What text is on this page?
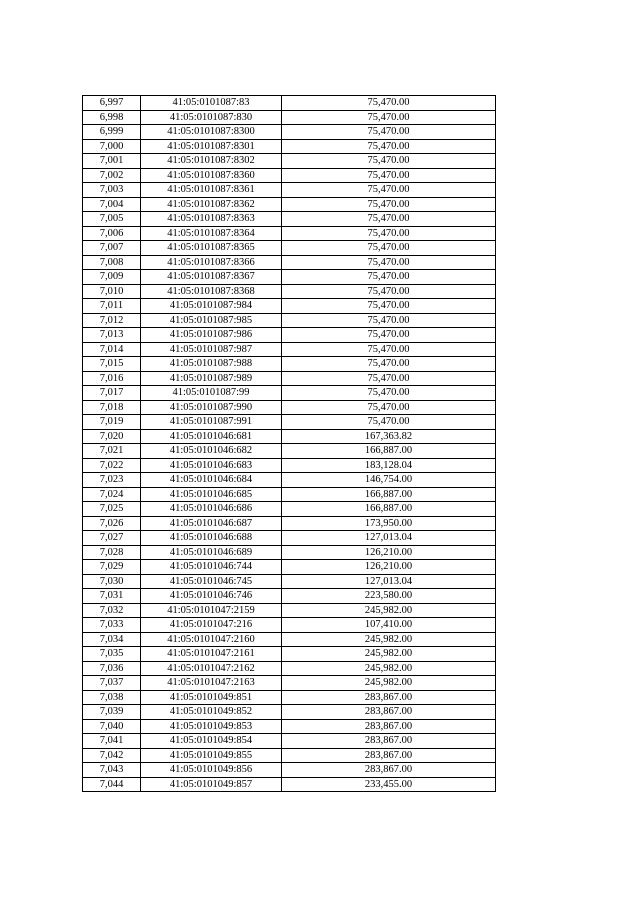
6,997	41:05:0101087:83	75,470.00
6,998	41:05:0101087:830	75,470.00
6,999	41:05:0101087:8300	75,470.00
7,000	41:05:0101087:8301	75,470.00
7,001	41:05:0101087:8302	75,470.00
7,002	41:05:0101087:8360	75,470.00
7,003	41:05:0101087:8361	75,470.00
7,004	41:05:0101087:8362	75,470.00
7,005	41:05:0101087:8363	75,470.00
7,006	41:05:0101087:8364	75,470.00
7,007	41:05:0101087:8365	75,470.00
7,008	41:05:0101087:8366	75,470.00
7,009	41:05:0101087:8367	75,470.00
7,010	41:05:0101087:8368	75,470.00
7,011	41:05:0101087:984	75,470.00
7,012	41:05:0101087:985	75,470.00
7,013	41:05:0101087:986	75,470.00
7,014	41:05:0101087:987	75,470.00
7,015	41:05:0101087:988	75,470.00
7,016	41:05:0101087:989	75,470.00
7,017	41:05:0101087:99	75,470.00
7,018	41:05:0101087:990	75,470.00
7,019	41:05:0101087:991	75,470.00
7,020	41:05:0101046:681	167,363.82
7,021	41:05:0101046:682	166,887.00
7,022	41:05:0101046:683	183,128.04
7,023	41:05:0101046:684	146,754.00
7,024	41:05:0101046:685	166,887.00
7,025	41:05:0101046:686	166,887.00
7,026	41:05:0101046:687	173,950.00
7,027	41:05:0101046:688	127,013.04
7,028	41:05:0101046:689	126,210.00
7,029	41:05:0101046:744	126,210.00
7,030	41:05:0101046:745	127,013.04
7,031	41:05:0101046:746	223,580.00
7,032	41:05:0101047:2159	245,982.00
7,033	41:05:0101047:216	107,410.00
7,034	41:05:0101047:2160	245,982.00
7,035	41:05:0101047:2161	245,982.00
7,036	41:05:0101047:2162	245,982.00
7,037	41:05:0101047:2163	245,982.00
7,038	41:05:0101049:851	283,867.00
7,039	41:05:0101049:852	283,867.00
7,040	41:05:0101049:853	283,867.00
7,041	41:05:0101049:854	283,867.00
7,042	41:05:0101049:855	283,867.00
7,043	41:05:0101049:856	283,867.00
7,044	41:05:0101049:857	233,455.00
